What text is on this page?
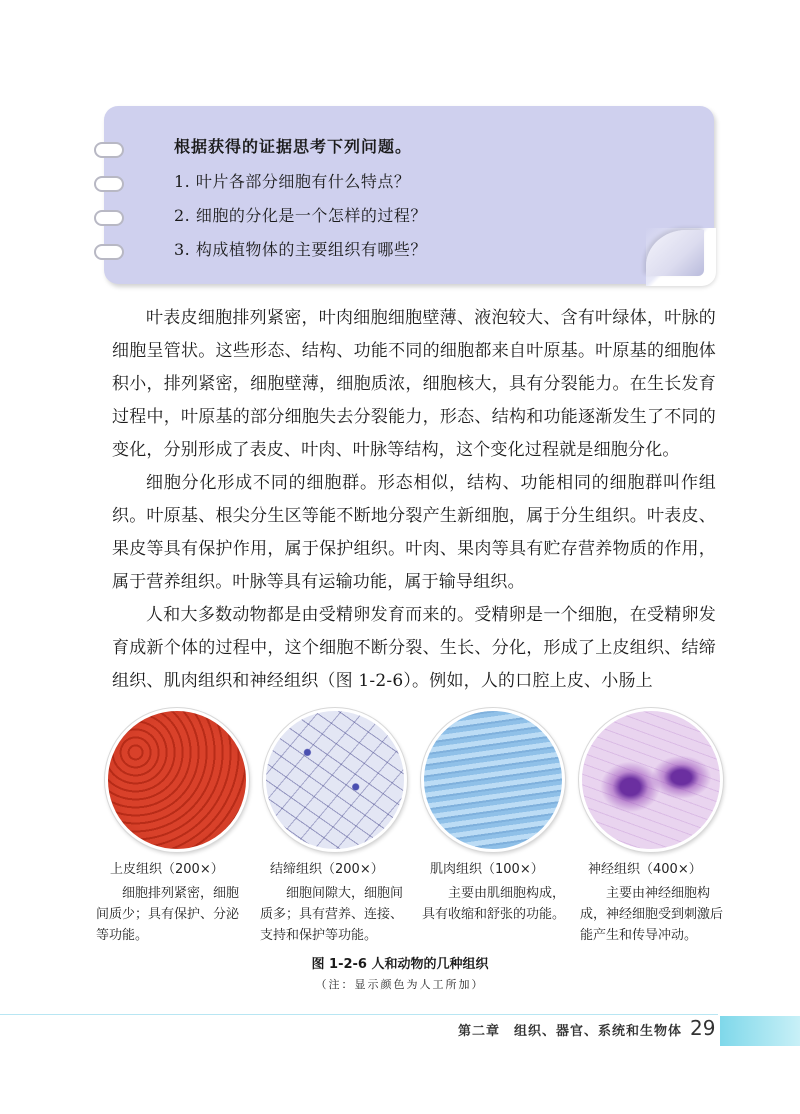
根据获得的证据思考下列问题。
1. 叶片各部分细胞有什么特点？
2. 细胞的分化是一个怎样的过程？
3. 构成植物体的主要组织有哪些？

叶表皮细胞排列紧密，叶肉细胞细胞壁薄、液泡较大、含有叶绿体，叶脉的细胞呈管状。这些形态、结构、功能不同的细胞都来自叶原基。叶原基的细胞体积小，排列紧密，细胞壁薄，细胞质浓，细胞核大，具有分裂能力。在生长发育过程中，叶原基的部分细胞失去分裂能力，形态、结构和功能逐渐发生了不同的变化，分别形成了表皮、叶肉、叶脉等结构，这个变化过程就是细胞分化。

细胞分化形成不同的细胞群。形态相似，结构、功能相同的细胞群叫作组织。叶原基、根尖分生区等能不断地分裂产生新细胞，属于分生组织。叶表皮、果皮等具有保护作用，属于保护组织。叶肉、果肉等具有贮存营养物质的作用，属于营养组织。叶脉等具有运输功能，属于输导组织。

人和大多数动物都是由受精卵发育而来的。受精卵是一个细胞，在受精卵发育成新个体的过程中，这个细胞不断分裂、生长、分化，形成了上皮组织、结缔组织、肌肉组织和神经组织（图 1-2-6）。例如，人的口腔上皮、小肠上

上皮组织（200×）	结缔组织（200×）	肌肉组织（100×）	神经组织（400×）

细胞排列紧密，细胞间质少；具有保护、分泌等功能。

细胞间隙大，细胞间质多；具有营养、连接、支持和保护等功能。

主要由肌细胞构成，具有收缩和舒张的功能。

主要由神经细胞构成，神经细胞受到刺激后能产生和传导冲动。

图 1-2-6 人和动物的几种组织
（注：显示颜色为人工所加）
第二章　组织、器官、系统和生物体 29
